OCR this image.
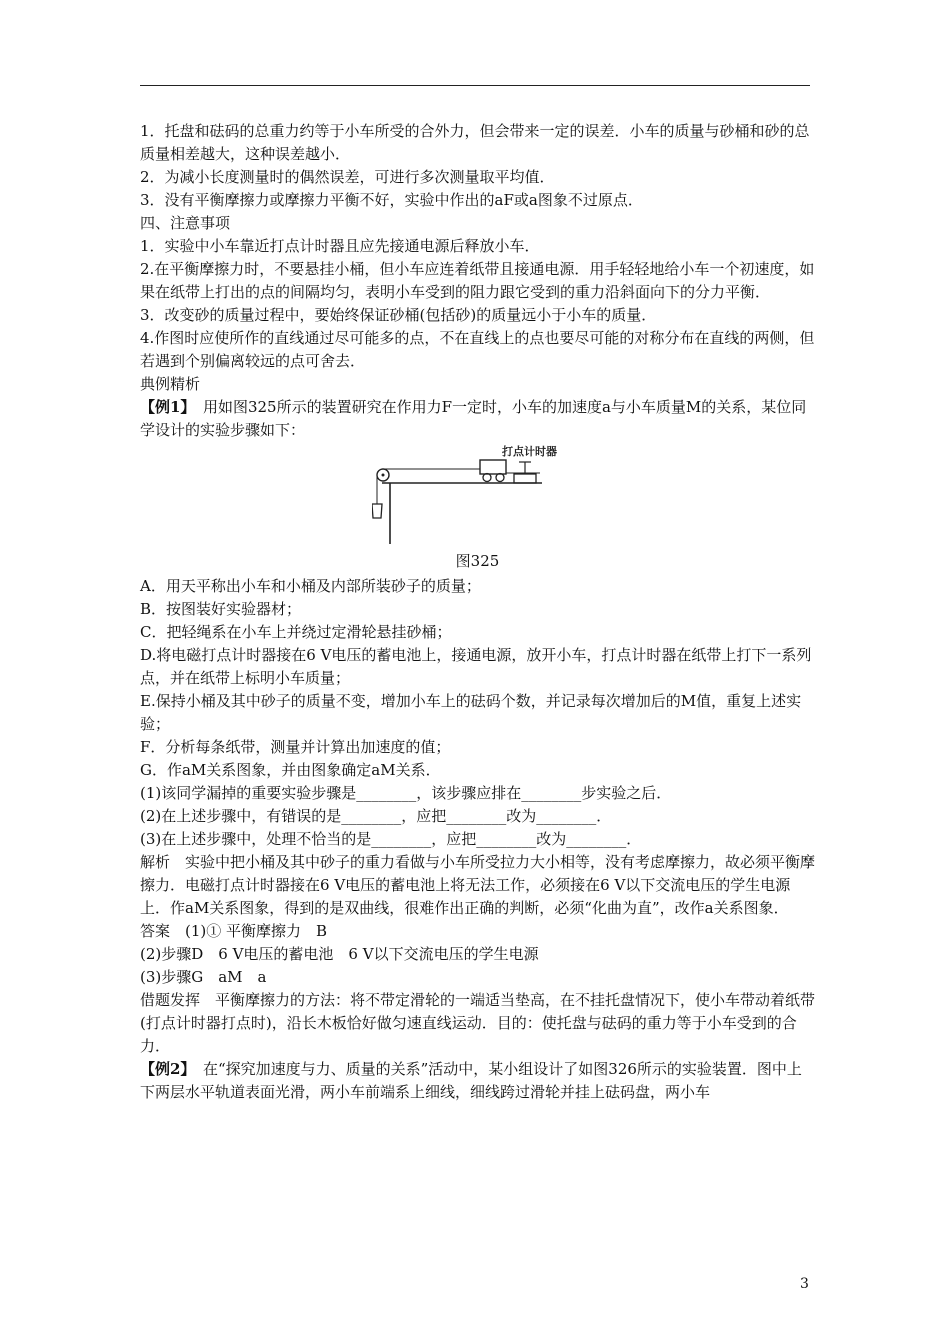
1．托盘和砝码的总重力约等于小车所受的合外力，但会带来一定的误差．小车的质量与砂桶和砂的总质量相差越大，这种误差越小．

2．为减小长度测量时的偶然误差，可进行多次测量取平均值．

3．没有平衡摩擦力或摩擦力平衡不好，实验中作出的aF或a图象不过原点．

四、注意事项

1．实验中小车靠近打点计时器且应先接通电源后释放小车．

2.在平衡摩擦力时，不要悬挂小桶，但小车应连着纸带且接通电源．用手轻轻地给小车一个初速度，如果在纸带上打出的点的间隔均匀，表明小车受到的阻力跟它受到的重力沿斜面向下的分力平衡．

3．改变砂的质量过程中，要始终保证砂桶(包括砂)的质量远小于小车的质量．

4.作图时应使所作的直线通过尽可能多的点，不在直线上的点也要尽可能的对称分布在直线的两侧，但若遇到个别偏离较远的点可舍去．

典例精析

【例1】　用如图325所示的装置研究在作用力F一定时，小车的加速度a与小车质量M的关系，某位同学设计的实验步骤如下：

打点计时器

图325

A．用天平称出小车和小桶及内部所装砂子的质量；

B．按图装好实验器材；

C．把轻绳系在小车上并绕过定滑轮悬挂砂桶；

D.将电磁打点计时器接在6 V电压的蓄电池上，接通电源，放开小车，打点计时器在纸带上打下一系列点，并在纸带上标明小车质量；

E.保持小桶及其中砂子的质量不变，增加小车上的砝码个数，并记录每次增加后的M值，重复上述实验；

F．分析每条纸带，测量并计算出加速度的值；

G．作aM关系图象，并由图象确定aM关系．

(1)该同学漏掉的重要实验步骤是________，该步骤应排在________步实验之后．

(2)在上述步骤中，有错误的是________，应把________改为________．

(3)在上述步骤中，处理不恰当的是________，应把________改为________．

解析　实验中把小桶及其中砂子的重力看做与小车所受拉力大小相等，没有考虑摩擦力，故必须平衡摩擦力．电磁打点计时器接在6 V电压的蓄电池上将无法工作，必须接在6 V以下交流电压的学生电源上．作aM关系图象，得到的是双曲线，很难作出正确的判断，必须“化曲为直”，改作a关系图象．

答案　(1)① 平衡摩擦力　B

(2)步骤D　6 V电压的蓄电池　6 V以下交流电压的学生电源

(3)步骤G　aM　a

借题发挥　平衡摩擦力的方法：将不带定滑轮的一端适当垫高，在不挂托盘情况下，使小车带动着纸带(打点计时器打点时)，沿长木板恰好做匀速直线运动．目的：使托盘与砝码的重力等于小车受到的合力．

【例2】　在“探究加速度与力、质量的关系”活动中，某小组设计了如图326所示的实验装置．图中上下两层水平轨道表面光滑，两小车前端系上细线，细线跨过滑轮并挂上砝码盘，两小车

3
